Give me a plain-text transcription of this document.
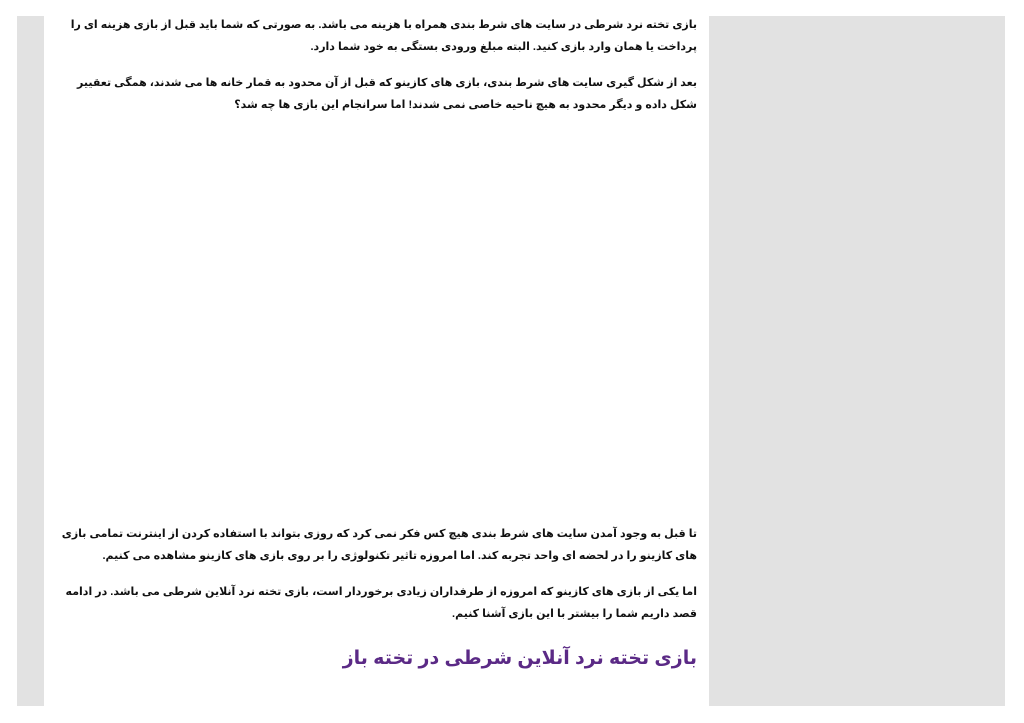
بازی تخته نرد شرطی در سایت های شرط بندی همراه با هزینه می باشد. به صورتی که شما باید قبل از بازی هزینه ای را پرداخت یا همان وارد بازی کنید. البته مبلغ ورودی بستگی به خود شما دارد.

بعد از شکل گیری سایت های شرط بندی، بازی های کازینو که قبل از آن محدود به قمار خانه ها می شدند، همگی تعقییر شکل داده و دیگر محدود به هیچ ناحیه خاصی نمی شدند! اما سرانجام این بازی ها چه شد؟

تا قبل به وجود آمدن سایت های شرط بندی هیچ کس فکر نمی کرد که روزی بتواند با استفاده کردن از اینترنت تمامی بازی های کازینو را در لحضه ای واحد تجربه کند. اما امروزه تاثیر تکنولوژی را بر روی بازی های کازینو مشاهده می کنیم.

اما یکی از بازی های کازینو که امروزه از طرفداران زیادی برخوردار است، بازی تخته نرد آنلاین شرطی می باشد. در ادامه قصد داریم شما را بیشتر با این بازی آشنا کنیم.

بازی تخته نرد آنلاین شرطی در تخته باز
